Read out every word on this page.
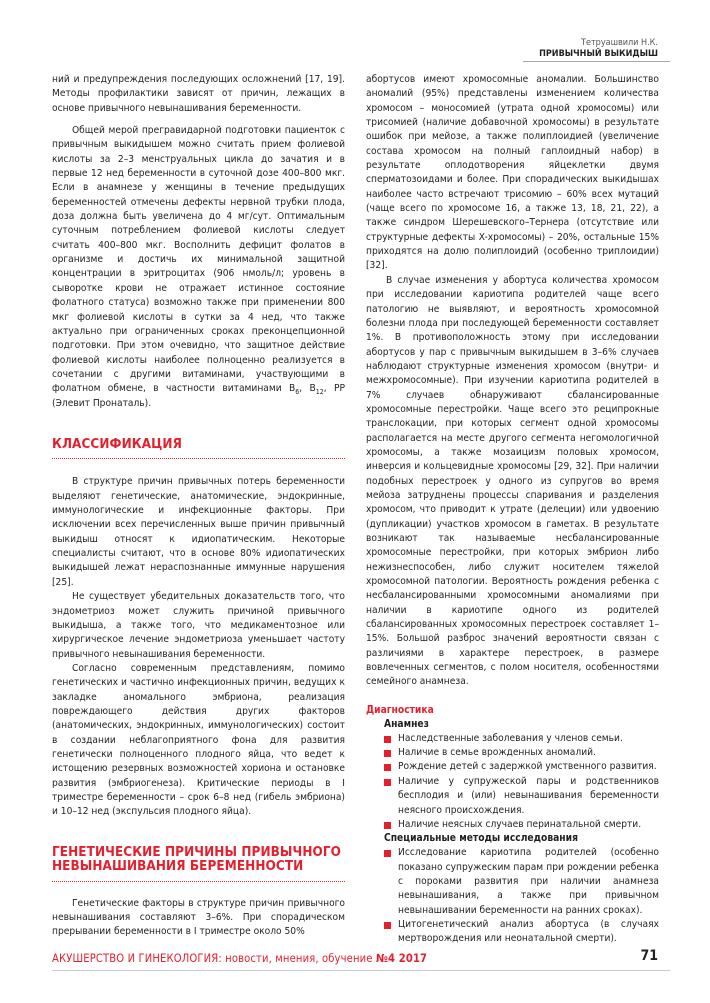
Тетруашвили Н.К.
ПРИВЫЧНЫЙ ВЫКИДЫШ

ний и предупреждения последующих осложнений [17, 19]. Методы профилактики зависят от причин, лежащих в основе привычного невынашивания беременности.

Общей мерой прегравидарной подготовки пациенток с привычным выкидышем можно считать прием фолиевой кислоты за 2–3 менструальных цикла до зачатия и в первые 12 нед беременности в суточной дозе 400–800 мкг. Если в анамнезе у женщины в течение предыдущих беременностей отмечены дефекты нервной трубки плода, доза должна быть увеличена до 4 мг/сут. Оптимальным суточным потреблением фолиевой кислоты следует считать 400–800 мкг. Восполнить дефицит фолатов в организме и достичь их минимальной защитной концентрации в эритроцитах (906 нмоль/л; уровень в сыворотке крови не отражает истинное состояние фолатного статуса) возможно также при применении 800 мкг фолиевой кислоты в сутки за 4 нед, что также актуально при ограниченных сроках преконцепционной подготовки. При этом очевидно, что защитное действие фолиевой кислоты наиболее полноценно реализуется в сочетании с другими витаминами, участвующими в фолатном обмене, в частности витаминами $B_6$, $B_{12}$, PP (Элевит Пронаталь).

КЛАССИФИКАЦИЯ

В структуре причин привычных потерь беременности выделяют генетические, анатомические, эндокринные, иммунологические и инфекционные факторы. При исключении всех перечисленных выше причин привычный выкидыш относят к идиопатическим. Некоторые специалисты считают, что в основе 80% идиопатических выкидышей лежат нераспознанные иммунные нарушения [25].

Не существует убедительных доказательств того, что эндометриоз может служить причиной привычного выкидыша, а также того, что медикаментозное или хирургическое лечение эндометриоза уменьшает частоту привычного невынашивания беременности.

Согласно современным представлениям, помимо генетических и частично инфекционных причин, ведущих к закладке аномального эмбриона, реализация повреждающего действия других факторов (анатомических, эндокринных, иммунологических) состоит в создании неблагоприятного фона для развития генетически полноценного плодного яйца, что ведет к истощению резервных возможностей хориона и остановке развития (эмбриогенеза). Критические периоды в I триместре беременности – срок 6–8 нед (гибель эмбриона) и 10–12 нед (экспульсия плодного яйца).

ГЕНЕТИЧЕСКИЕ ПРИЧИНЫ ПРИВЫЧНОГО НЕВЫНАШИВАНИЯ БЕРЕМЕННОСТИ

Генетические факторы в структуре причин привычного невынашивания составляют 3–6%. При спорадическом прерывании беременности в I триместре около 50%

абортусов имеют хромосомные аномалии. Большинство аномалий (95%) представлены изменением количества хромосом – моносомией (утрата одной хромосомы) или трисомией (наличие добавочной хромосомы) в результате ошибок при мейозе, а также полиплоидией (увеличение состава хромосом на полный гаплоидный набор) в результате оплодотворения яйцеклетки двумя сперматозоидами и более. При спорадических выкидышах наиболее часто встречают трисомию – 60% всех мутаций (чаще всего по хромосоме 16, а также 13, 18, 21, 22), а также синдром Шерешевского–Тернера (отсутствие или структурные дефекты X-хромосомы) – 20%, остальные 15% приходятся на долю полиплоидий (особенно триплоидии) [32].

В случае изменения у абортуса количества хромосом при исследовании кариотипа родителей чаще всего патологию не выявляют, и вероятность хромосомной болезни плода при последующей беременности составляет 1%. В противоположность этому при исследовании абортусов у пар с привычным выкидышем в 3–6% случаев наблюдают структурные изменения хромосом (внутри- и межхромосомные). При изучении кариотипа родителей в 7% случаев обнаруживают сбалансированные хромосомные перестройки. Чаще всего это реципрокные транслокации, при которых сегмент одной хромосомы располагается на месте другого сегмента негомологичной хромосомы, а также мозаицизм половых хромосом, инверсия и кольцевидные хромосомы [29, 32]. При наличии подобных перестроек у одного из супругов во время мейоза затруднены процессы спаривания и разделения хромосом, что приводит к утрате (делеции) или удвоению (дупликации) участков хромосом в гаметах. В результате возникают так называемые несбалансированные хромосомные перестройки, при которых эмбрион либо нежизнеспособен, либо служит носителем тяжелой хромосомной патологии. Вероятность рождения ребенка с несбалансированными хромосомными аномалиями при наличии в кариотипе одного из родителей сбалансированных хромосомных перестроек составляет 1–15%. Большой разброс значений вероятности связан с различиями в характере перестроек, в размере вовлеченных сегментов, с полом носителя, особенностями семейного анамнеза.

Диагностика
Анамнез
Наследственные заболевания у членов семьи.
Наличие в семье врожденных аномалий.
Рождение детей с задержкой умственного развития.
Наличие у супружеской пары и родственников бесплодия и (или) невынашивания беременности неясного происхождения.
Наличие неясных случаев перинатальной смерти.
Специальные методы исследования
Исследование кариотипа родителей (особенно показано супружеским парам при рождении ребенка с пороками развития при наличии анамнеза невынашивания, а также при привычном невынашивании беременности на ранних сроках).
Цитогенетический анализ абортуса (в случаях мертворождения или неонатальной смерти).
АКУШЕРСТВО И ГИНЕКОЛОГИЯ: новости, мнения, обучение №4 2017	71
